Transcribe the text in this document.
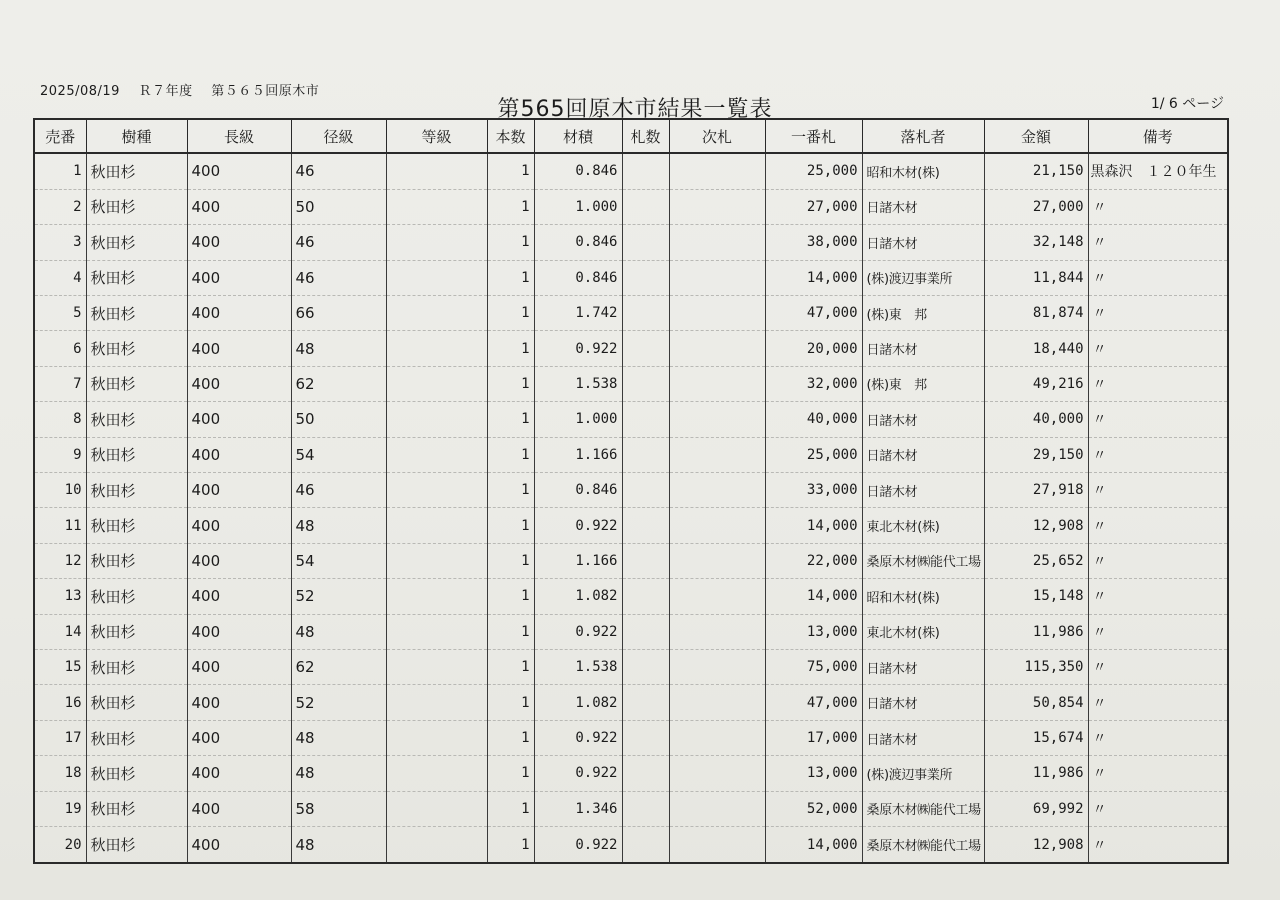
2025/08/19 Ｒ７年度 第５６５回原木市
第565回原木市結果一覧表	1/ 6 ページ
売番	樹種	長級	径級	等級	本数	材積	札数	次札	一番札	落札者	金額	備考
1	秋田杉	400	46		1	0.846			25,000	昭和木材(株)	21,150	黒森沢　１２０年生
2	秋田杉	400	50		1	1.000			27,000	日諸木材	27,000	〃
3	秋田杉	400	46		1	0.846			38,000	日諸木材	32,148	〃
4	秋田杉	400	46		1	0.846			14,000	(株)渡辺事業所	11,844	〃
5	秋田杉	400	66		1	1.742			47,000	(株)東　邦	81,874	〃
6	秋田杉	400	48		1	0.922			20,000	日諸木材	18,440	〃
7	秋田杉	400	62		1	1.538			32,000	(株)東　邦	49,216	〃
8	秋田杉	400	50		1	1.000			40,000	日諸木材	40,000	〃
9	秋田杉	400	54		1	1.166			25,000	日諸木材	29,150	〃
10	秋田杉	400	46		1	0.846			33,000	日諸木材	27,918	〃
11	秋田杉	400	48		1	0.922			14,000	東北木材(株)	12,908	〃
12	秋田杉	400	54		1	1.166			22,000	桑原木材㈱能代工場	25,652	〃
13	秋田杉	400	52		1	1.082			14,000	昭和木材(株)	15,148	〃
14	秋田杉	400	48		1	0.922			13,000	東北木材(株)	11,986	〃
15	秋田杉	400	62		1	1.538			75,000	日諸木材	115,350	〃
16	秋田杉	400	52		1	1.082			47,000	日諸木材	50,854	〃
17	秋田杉	400	48		1	0.922			17,000	日諸木材	15,674	〃
18	秋田杉	400	48		1	0.922			13,000	(株)渡辺事業所	11,986	〃
19	秋田杉	400	58		1	1.346			52,000	桑原木材㈱能代工場	69,992	〃
20	秋田杉	400	48		1	0.922			14,000	桑原木材㈱能代工場	12,908	〃
